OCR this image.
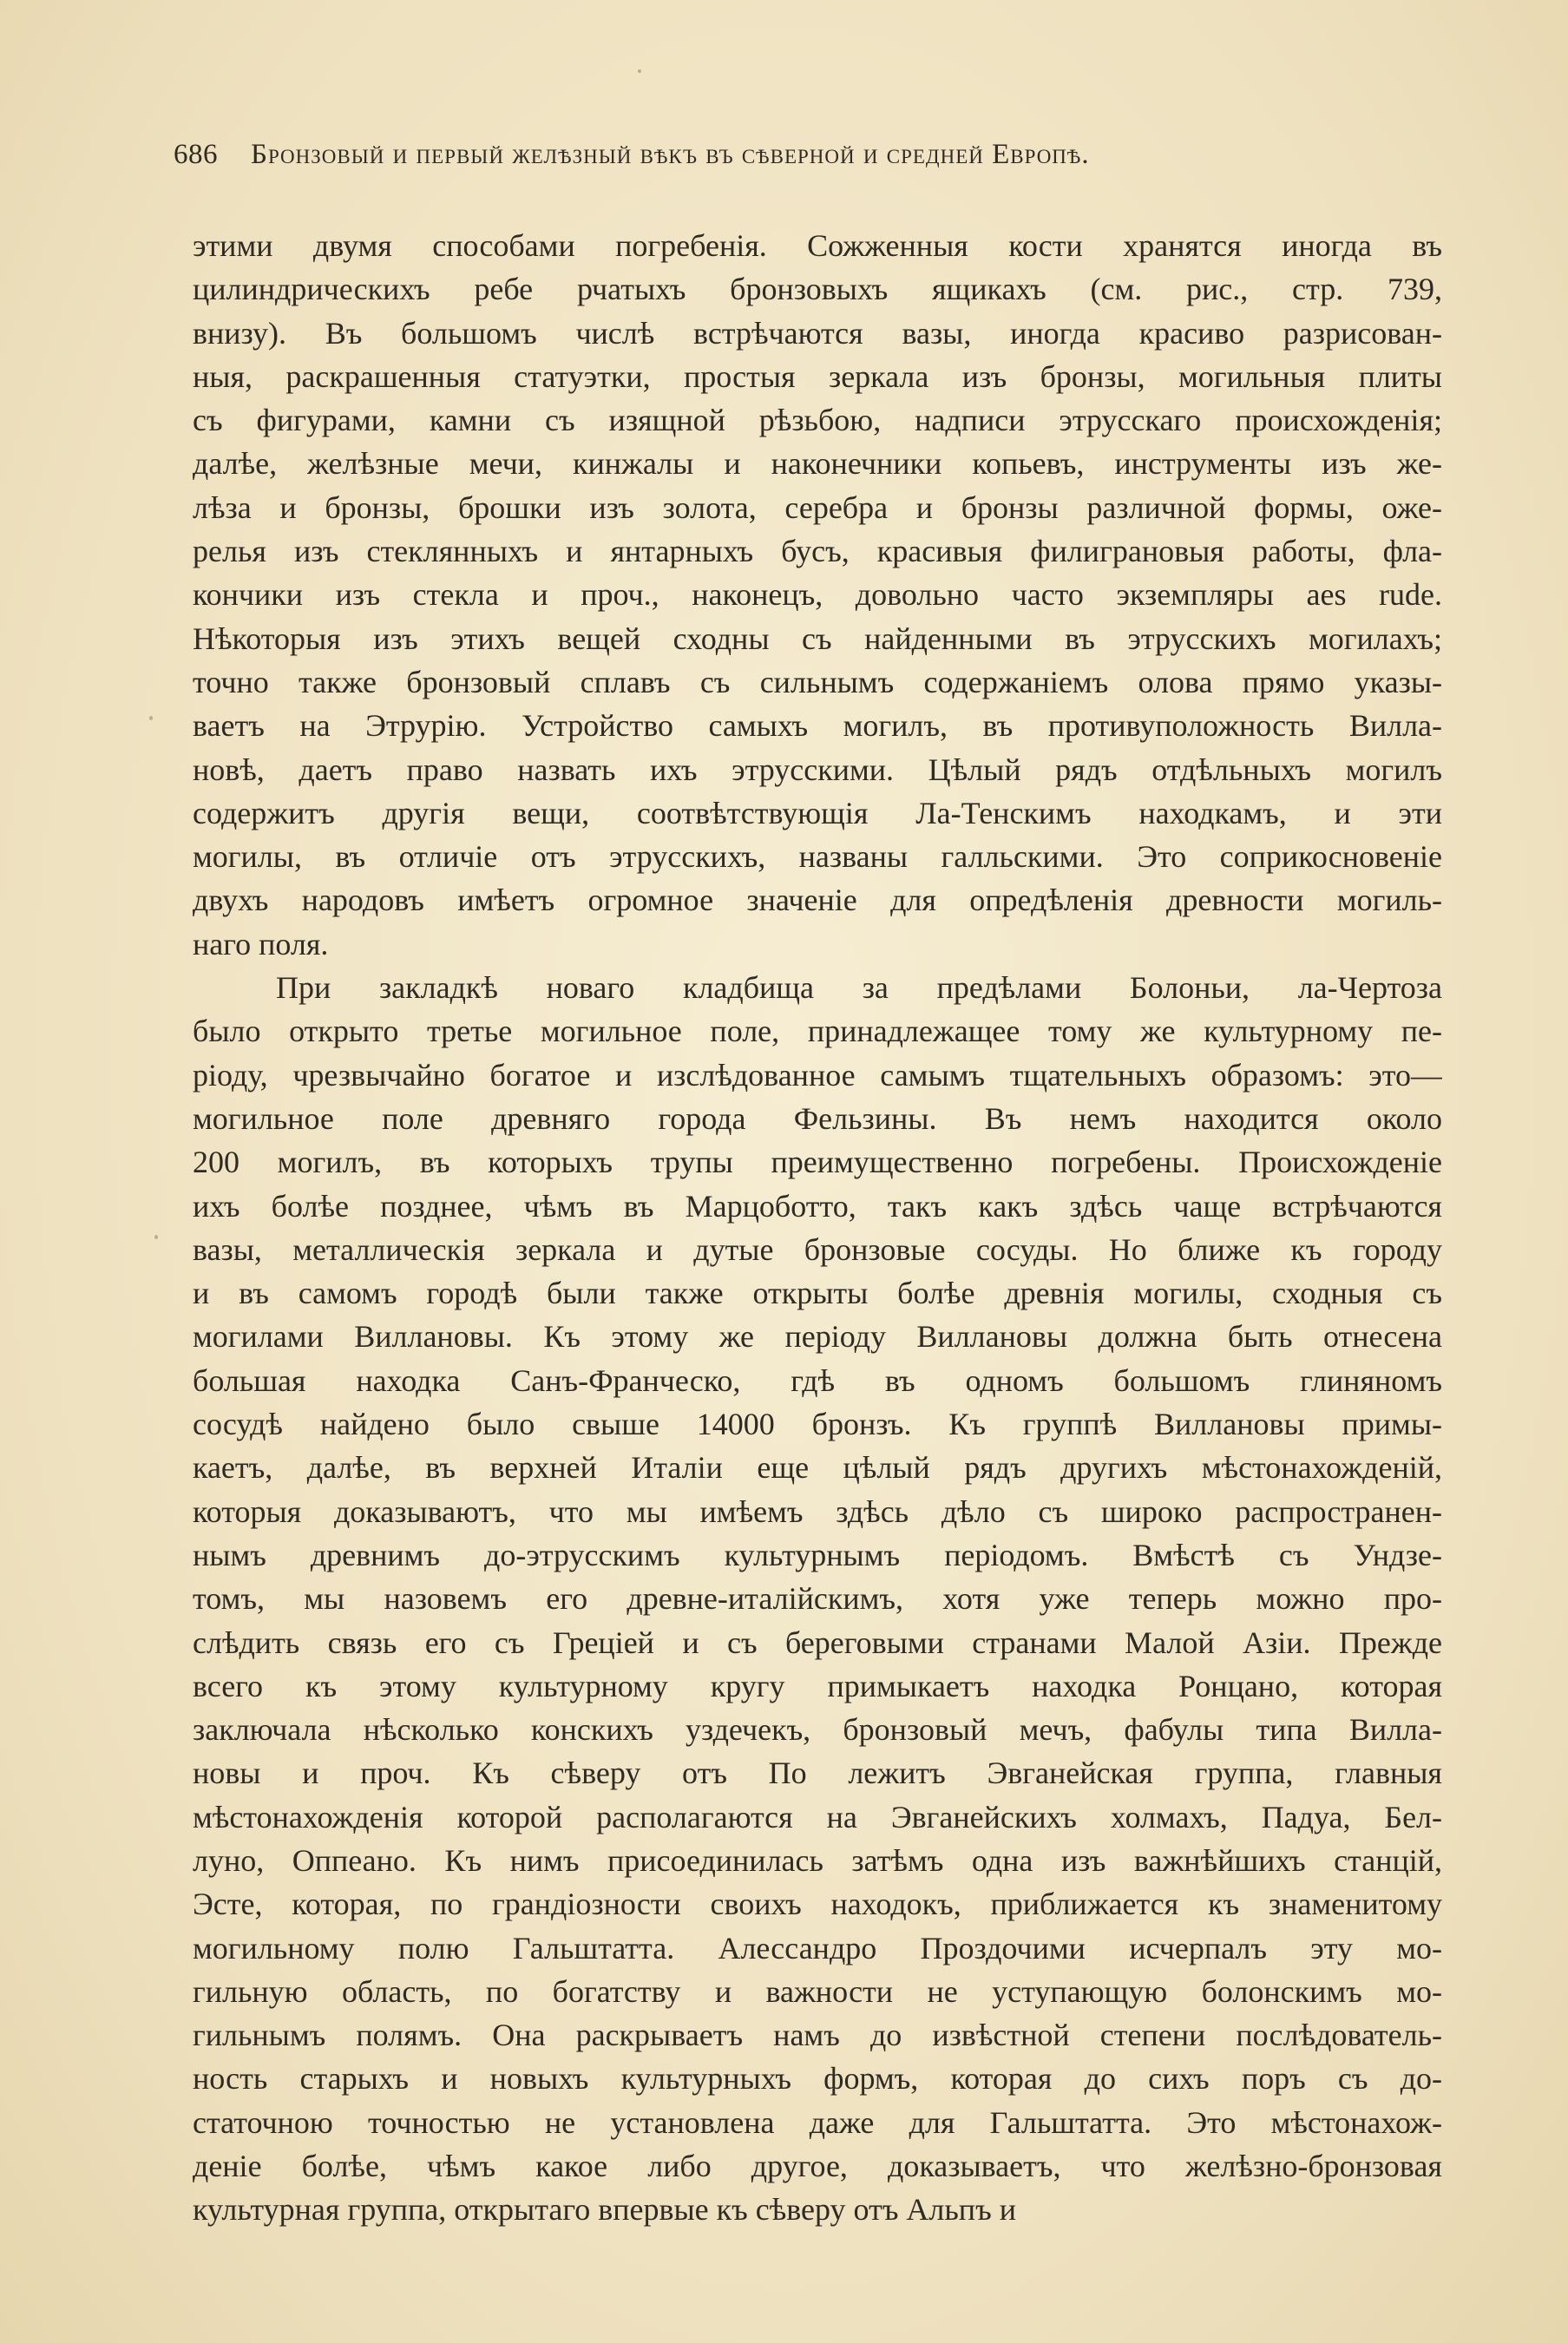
686 Бронзовый и первый желѣзный вѣкъ въ сѣверной и средней Европѣ.
этими двумя способами погребенія. Сожженныя кости хранятся иногда въ
цилиндрическихъ ребе рчатыхъ бронзовыхъ ящикахъ (см. рис., стр. 739,
внизу). Въ большомъ числѣ встрѣчаются вазы, иногда красиво разрисован-
ныя, раскрашенныя статуэтки, простыя зеркала изъ бронзы, могильныя плиты
съ фигурами, камни съ изящной рѣзьбою, надписи этрусскаго происхожденія;
далѣе, желѣзные мечи, кинжалы и наконечники копьевъ, инструменты изъ же-
лѣза и бронзы, брошки изъ золота, серебра и бронзы различной формы, оже-
релья изъ стеклянныхъ и янтарныхъ бусъ, красивыя филиграновыя работы, фла-
кончики изъ стекла и проч., наконецъ, довольно часто экземпляры aes rude.
Нѣкоторыя изъ этихъ вещей сходны съ найденными въ этрусскихъ могилахъ;
точно также бронзовый сплавъ съ сильнымъ содержаніемъ олова прямо указы-
ваетъ на Этрурію. Устройство самыхъ могилъ, въ противуположность Вилла-
новѣ, даетъ право назвать ихъ этрусскими. Цѣлый рядъ отдѣльныхъ могилъ
содержитъ другія вещи, соотвѣтствующія Ла-Тенскимъ находкамъ, и эти
могилы, въ отличіе отъ этрусскихъ, названы галльскими. Это соприкосновеніе
двухъ народовъ имѣетъ огромное значеніе для опредѣленія древности могиль-
наго поля.
При закладкѣ новаго кладбища за предѣлами Болоньи, ла-Чертоза
было открыто третье могильное поле, принадлежащее тому же культурному пе-
ріоду, чрезвычайно богатое и изслѣдованное самымъ тщательныхъ образомъ: это—
могильное поле древняго города Фельзины. Въ немъ находится около
200 могилъ, въ которыхъ трупы преимущественно погребены. Происхожденіе
ихъ болѣе позднее, чѣмъ въ Марцоботто, такъ какъ здѣсь чаще встрѣчаются
вазы, металлическія зеркала и дутые бронзовые сосуды. Но ближе къ городу
и въ самомъ городѣ были также открыты болѣе древнія могилы, сходныя съ
могилами Виллановы. Къ этому же періоду Виллановы должна быть отнесена
большая находка Санъ-Франческо, гдѣ въ одномъ большомъ глиняномъ
сосудѣ найдено было свыше 14000 бронзъ. Къ группѣ Виллановы примы-
каетъ, далѣе, въ верхней Италіи еще цѣлый рядъ другихъ мѣстонахожденій,
которыя доказываютъ, что мы имѣемъ здѣсь дѣло съ широко распространен-
нымъ древнимъ до-этрусскимъ культурнымъ періодомъ. Вмѣстѣ съ Ундзе-
томъ, мы назовемъ его древне-италійскимъ, хотя уже теперь можно про-
слѣдить связь его съ Греціей и съ береговыми странами Малой Азіи. Прежде
всего къ этому культурному кругу примыкаетъ находка Ронцано, которая
заключала нѣсколько конскихъ уздечекъ, бронзовый мечъ, фабулы типа Вилла-
новы и проч. Къ сѣверу отъ По лежитъ Эвганейская группа, главныя
мѣстонахожденія которой располагаются на Эвганейскихъ холмахъ, Падуа, Бел-
луно, Оппеано. Къ нимъ присоединилась затѣмъ одна изъ важнѣйшихъ станцій,
Эсте, которая, по грандіозности своихъ находокъ, приближается къ знаменитому
могильному полю Гальштатта. Алессандро Проздочими исчерпалъ эту мо-
гильную область, по богатству и важности не уступающую болонскимъ мо-
гильнымъ полямъ. Она раскрываетъ намъ до извѣстной степени послѣдователь-
ность старыхъ и новыхъ культурныхъ формъ, которая до сихъ поръ съ до-
статочною точностью не установлена даже для Гальштатта. Это мѣстонахож-
деніе болѣе, чѣмъ какое либо другое, доказываетъ, что желѣзно-бронзовая
культурная группа, открытаго впервые къ сѣверу отъ Альпъ и
